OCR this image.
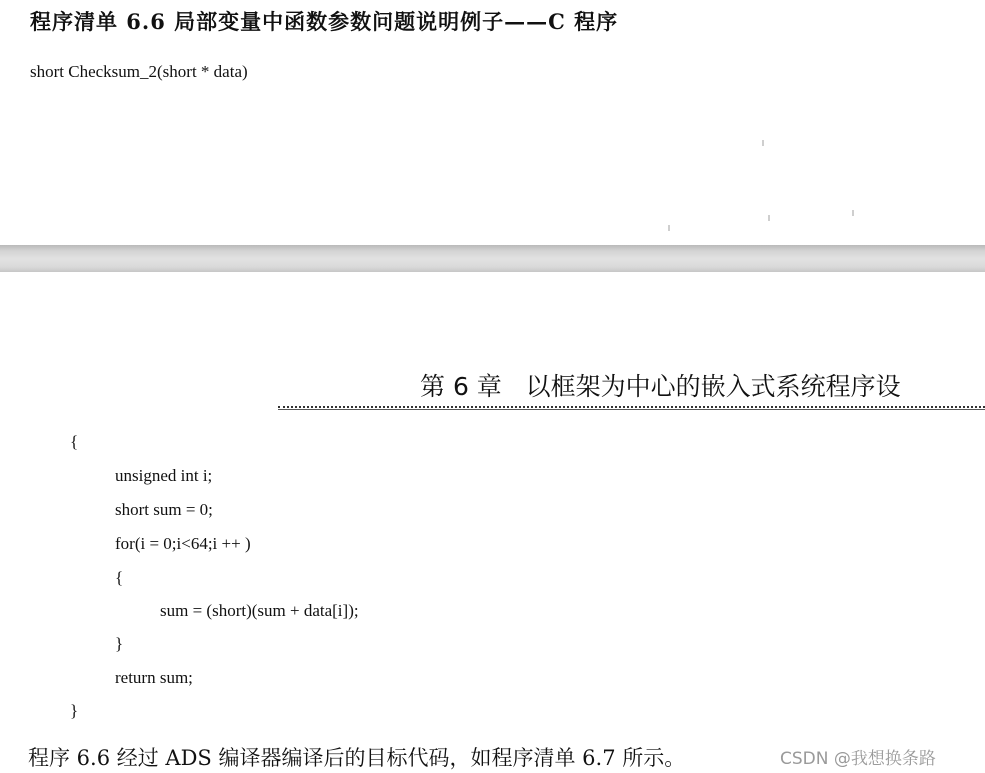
程序清单 6.6 局部变量中函数参数问题说明例子——C 程序
short Checksum_2(short * data)
第 6 章 以框架为中心的嵌入式系统程序设
{
unsigned int i;
short sum = 0;
for(i = 0;i<64;i ++ )
{
sum = (short)(sum + data[i]);
}
return sum;
}
程序 6.6 经过 ADS 编译器编译后的目标代码，如程序清单 6.7 所示。	CSDN @我想换条路
